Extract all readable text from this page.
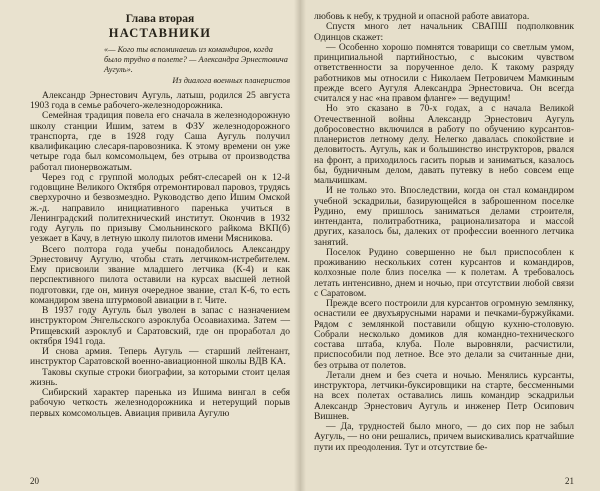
Глава вторая
НАСТАВНИКИ
«— Кого ты вспоминаешь из командиров, когда было трудно в полете? — Александра Эрнестовича Аугуль».
Из диалога военных планеристов

Александр Эрнестович Аугуль, латыш, родился 25 августа 1903 года в семье рабочего-железнодорожника.

Семейная традиция повела его сначала в железнодорожную школу станции Ишим, затем в ФЗУ железнодорожного транспорта, где в 1928 году Саша Аугуль получил квалификацию слесаря-паровозника. К этому времени он уже четыре года был комсомольцем, без отрыва от производства работал пионервожатым.

Через год с группой молодых ребят-слесарей он к 12-й годовщине Великого Октября отремонтировал паровоз, трудясь сверхурочно и безвозмездно. Руководство депо Ишим Омской ж.-д. направило инициативного паренька учиться в Ленинградский политехнический институт. Окончив в 1932 году Аугуль по призыву Смольнинского райкома ВКП(б) уезжает в Качу, в летную школу пилотов имени Мясникова.

Всего полтора года учебы понадобилось Александру Эрнестовичу Аугулю, чтобы стать летчиком-истребителем. Ему присвоили звание младшего летчика (К-4) и как перспективного пилота оставили на курсах высшей летной подготовки, где он, минуя очередное звание, стал К-6, то есть командиром звена штурмовой авиации в г. Чите.

В 1937 году Аугуль был уволен в запас с назначением инструктором Энгельсского аэроклуба Осоавиахима. Затем — Ртищевский аэроклуб и Саратовский, где он проработал до октября 1941 года.

И снова армия. Теперь Аугуль — старший лейтенант, инструктор Саратовской военно-авиационной школы ВДВ КА.

Таковы скупые строки биографии, за которыми стоит целая жизнь.

Сибирский характер паренька из Ишима вингал в себя рабочую четкость железнодорожника и нетерущий порыв первых комсомольцев. Авиация привила Аугулю

20

любовь к небу, к трудной и опасной работе авиатора.

Спустя много лет начальник СВАПШ подполковник Одинцов скажет:

— Особенно хорошо помнятся товарищи со светлым умом, принципиальной партийностью, с высоким чувством ответственности за порученное дело. К такому разряду работников мы относили с Николаем Петровичем Мамкиным прежде всего Аугуля Александра Эрнестовича. Он всегда считался у нас «на правом фланге» — ведущим!

Но это сказано в 70-х годах, а с начала Великой Отечественной войны Александр Эрнестович Аугуль добросовестно включился в работу по обучению курсантов-планеристов летному делу. Нелегко давалась спокойствие и деловитость. Аугуль, как и большинство инструкторов, рвался на фронт, а приходилось гасить порыв и заниматься, казалось бы, будничным делом, давать путевку в небо совсем еще мальчишкам.

И не только это. Впоследствии, когда он стал командиром учебной эскадрильи, базирующейся в заброшенном поселке Рудино, ему пришлось заниматься делами строителя, интенданта, политработника, рационализатора и массой других, казалось бы, далеких от профессии военного летчика занятий.

Поселок Рудино совершенно не был приспособлен к проживанию нескольких сотен курсантов и командиров, колхозные поле близ поселка — к полетам. А требовалось летать интенсивно, днем и ночью, при отсутствии любой связи с Саратовом.

Прежде всего построили для курсантов огромную землянку, оснастили ее двухъярусными нарами и печками-буржуйками. Рядом с землянкой поставили общую кухню-столовую. Собрали несколько домиков для командно-технического состава штаба, клуба. Поле выровняли, расчистили, приспособили под летное. Все это делали за считанные дни, без отрыва от полетов.

Летали днем и без счета и ночью. Менялись курсанты, инструктора, летчики-буксировщики на старте, бессменными на всех полетах оставались лишь командир эскадрильи Александр Эрнестович Аугуль и инженер Петр Осипович Вишнев.

— Да, трудностей было много, — до сих пор не забыл Аугуль, — но они решались, причем выискивались кратчайшие пути их преодоления. Тут и отсутствие бе-

21
